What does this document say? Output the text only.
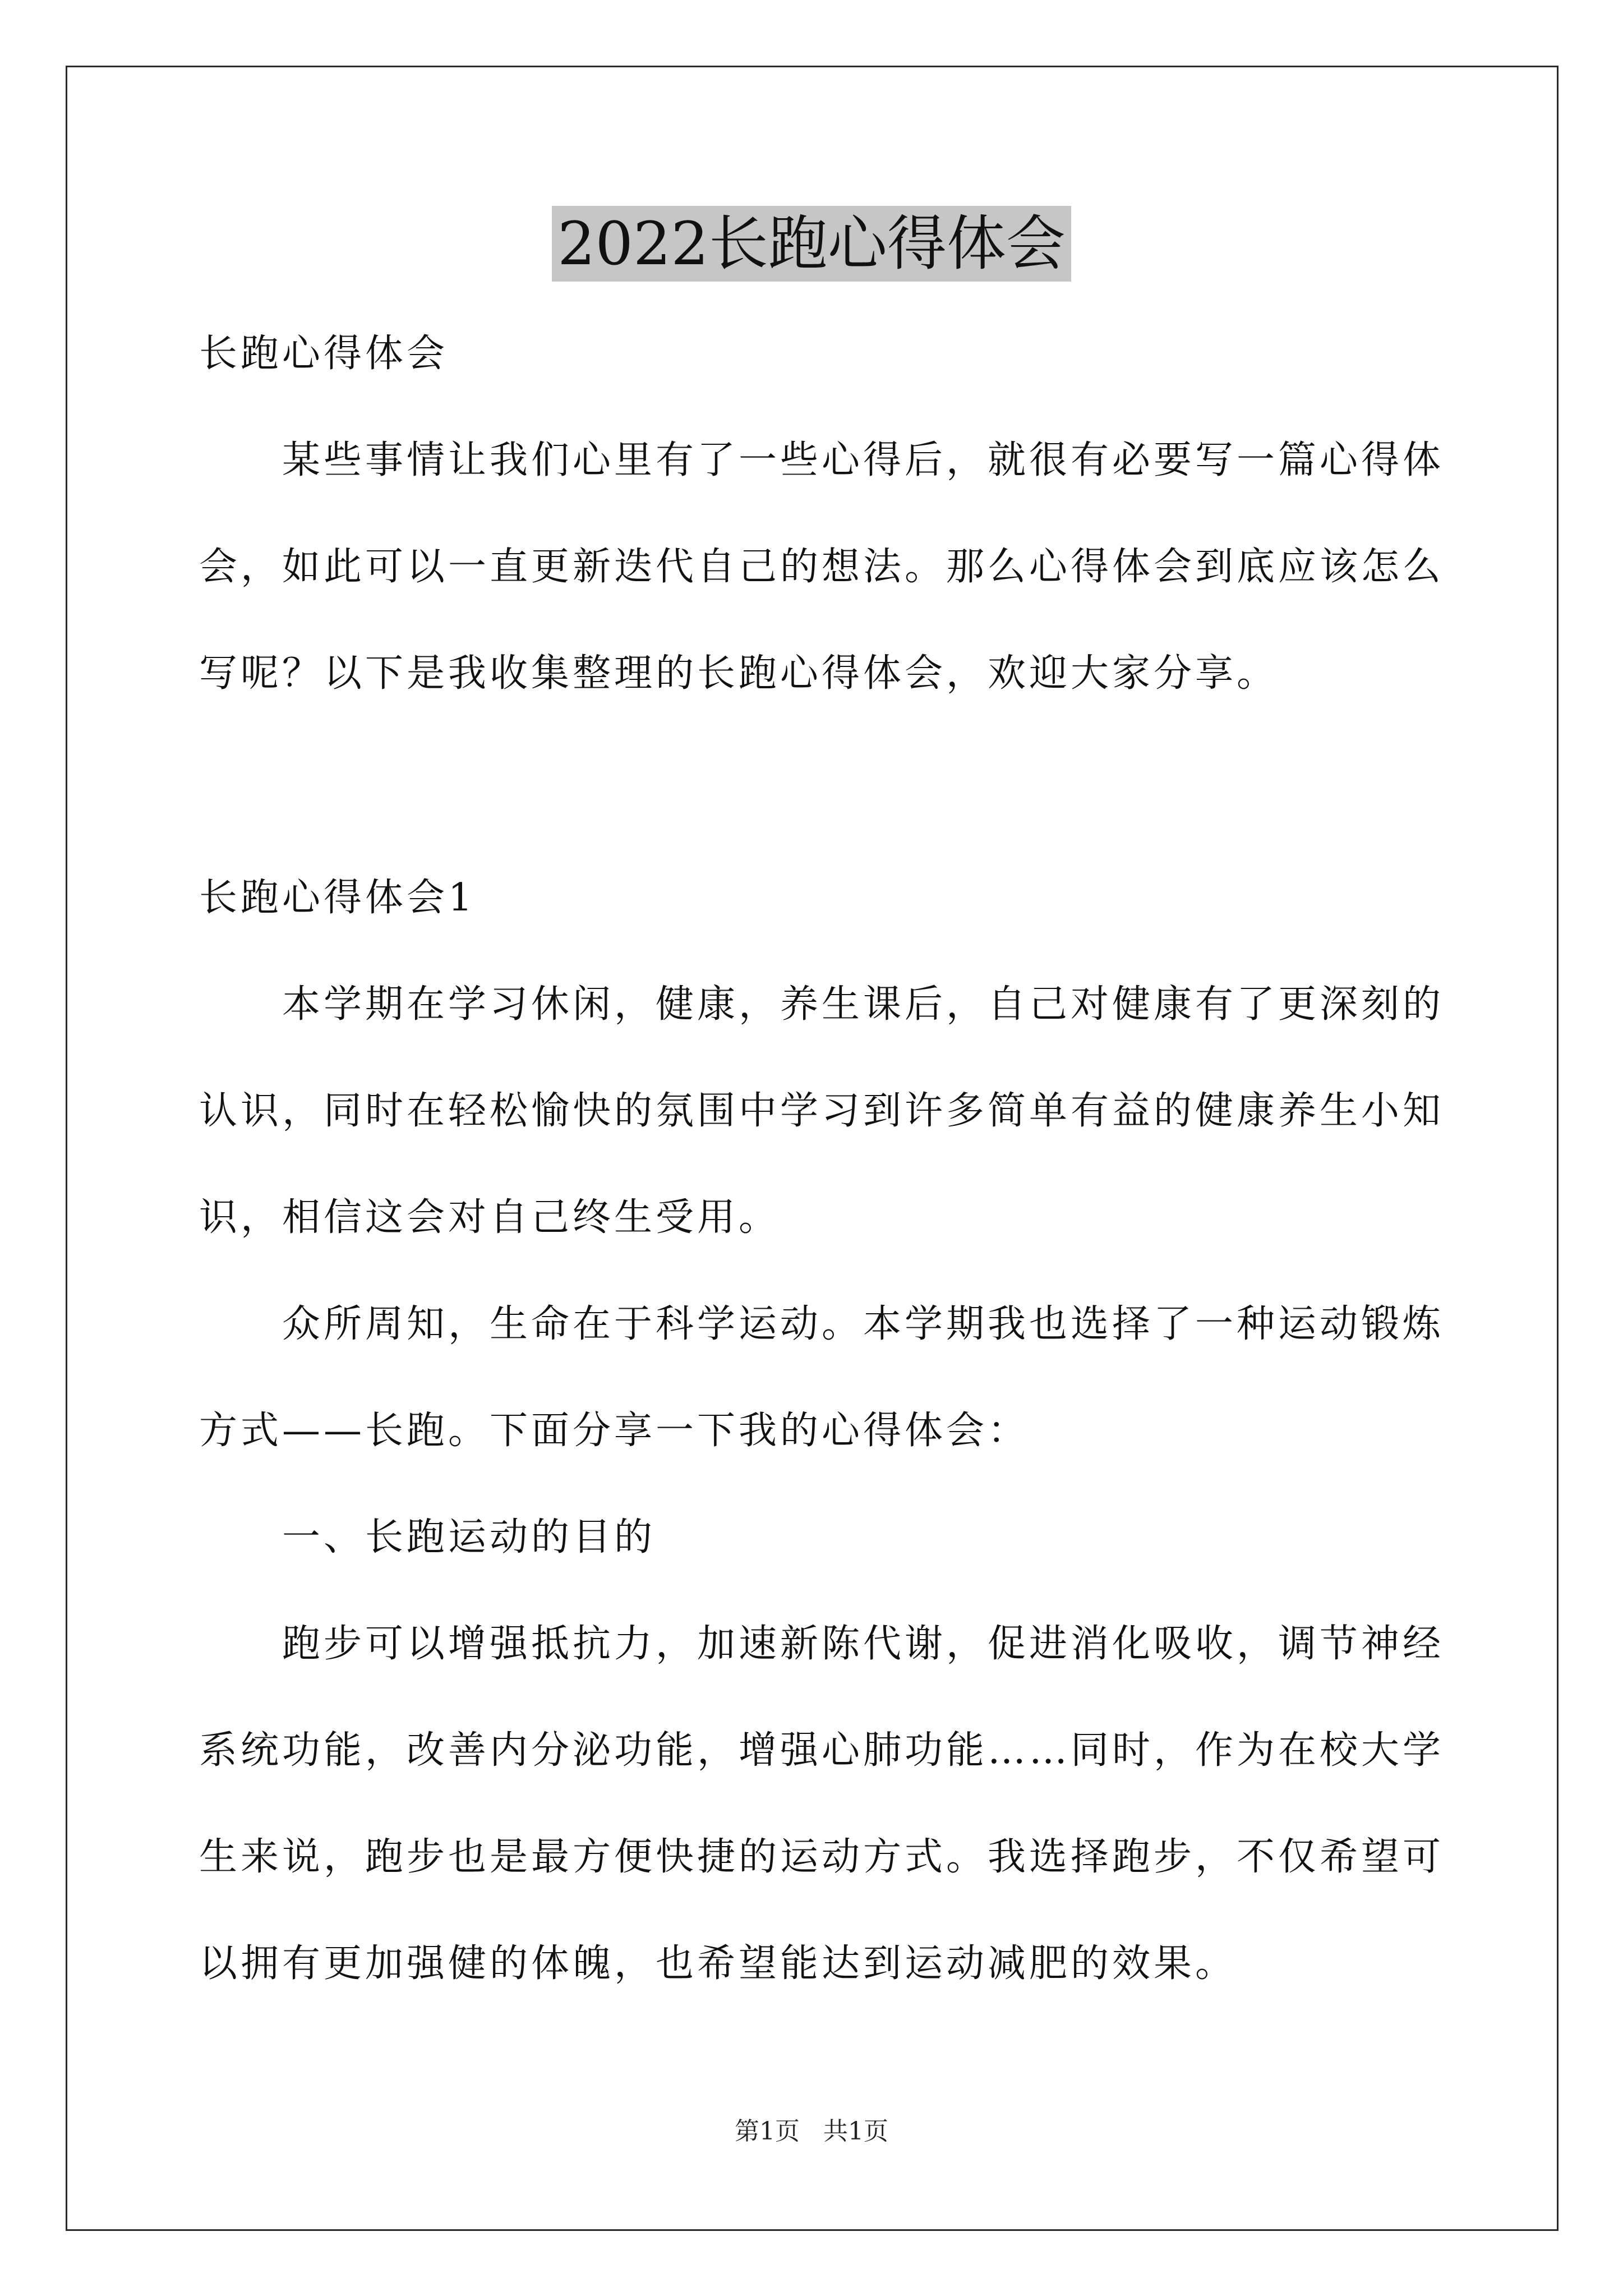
2022长跑心得体会

长跑心得体会

某些事情让我们心里有了一些心得后，就很有必要写一篇心得体

会，如此可以一直更新迭代自己的想法。那么心得体会到底应该怎么

写呢？以下是我收集整理的长跑心得体会，欢迎大家分享。

长跑心得体会1

本学期在学习休闲，健康，养生课后，自己对健康有了更深刻的

认识，同时在轻松愉快的氛围中学习到许多简单有益的健康养生小知

识，相信这会对自己终生受用。

众所周知，生命在于科学运动。本学期我也选择了一种运动锻炼

方式——长跑。下面分享一下我的心得体会：

一、长跑运动的目的

跑步可以增强抵抗力，加速新陈代谢，促进消化吸收，调节神经

系统功能，改善内分泌功能，增强心肺功能……同时，作为在校大学

生来说，跑步也是最方便快捷的运动方式。我选择跑步，不仅希望可

以拥有更加强健的体魄，也希望能达到运动减肥的效果。

第1页 共1页
